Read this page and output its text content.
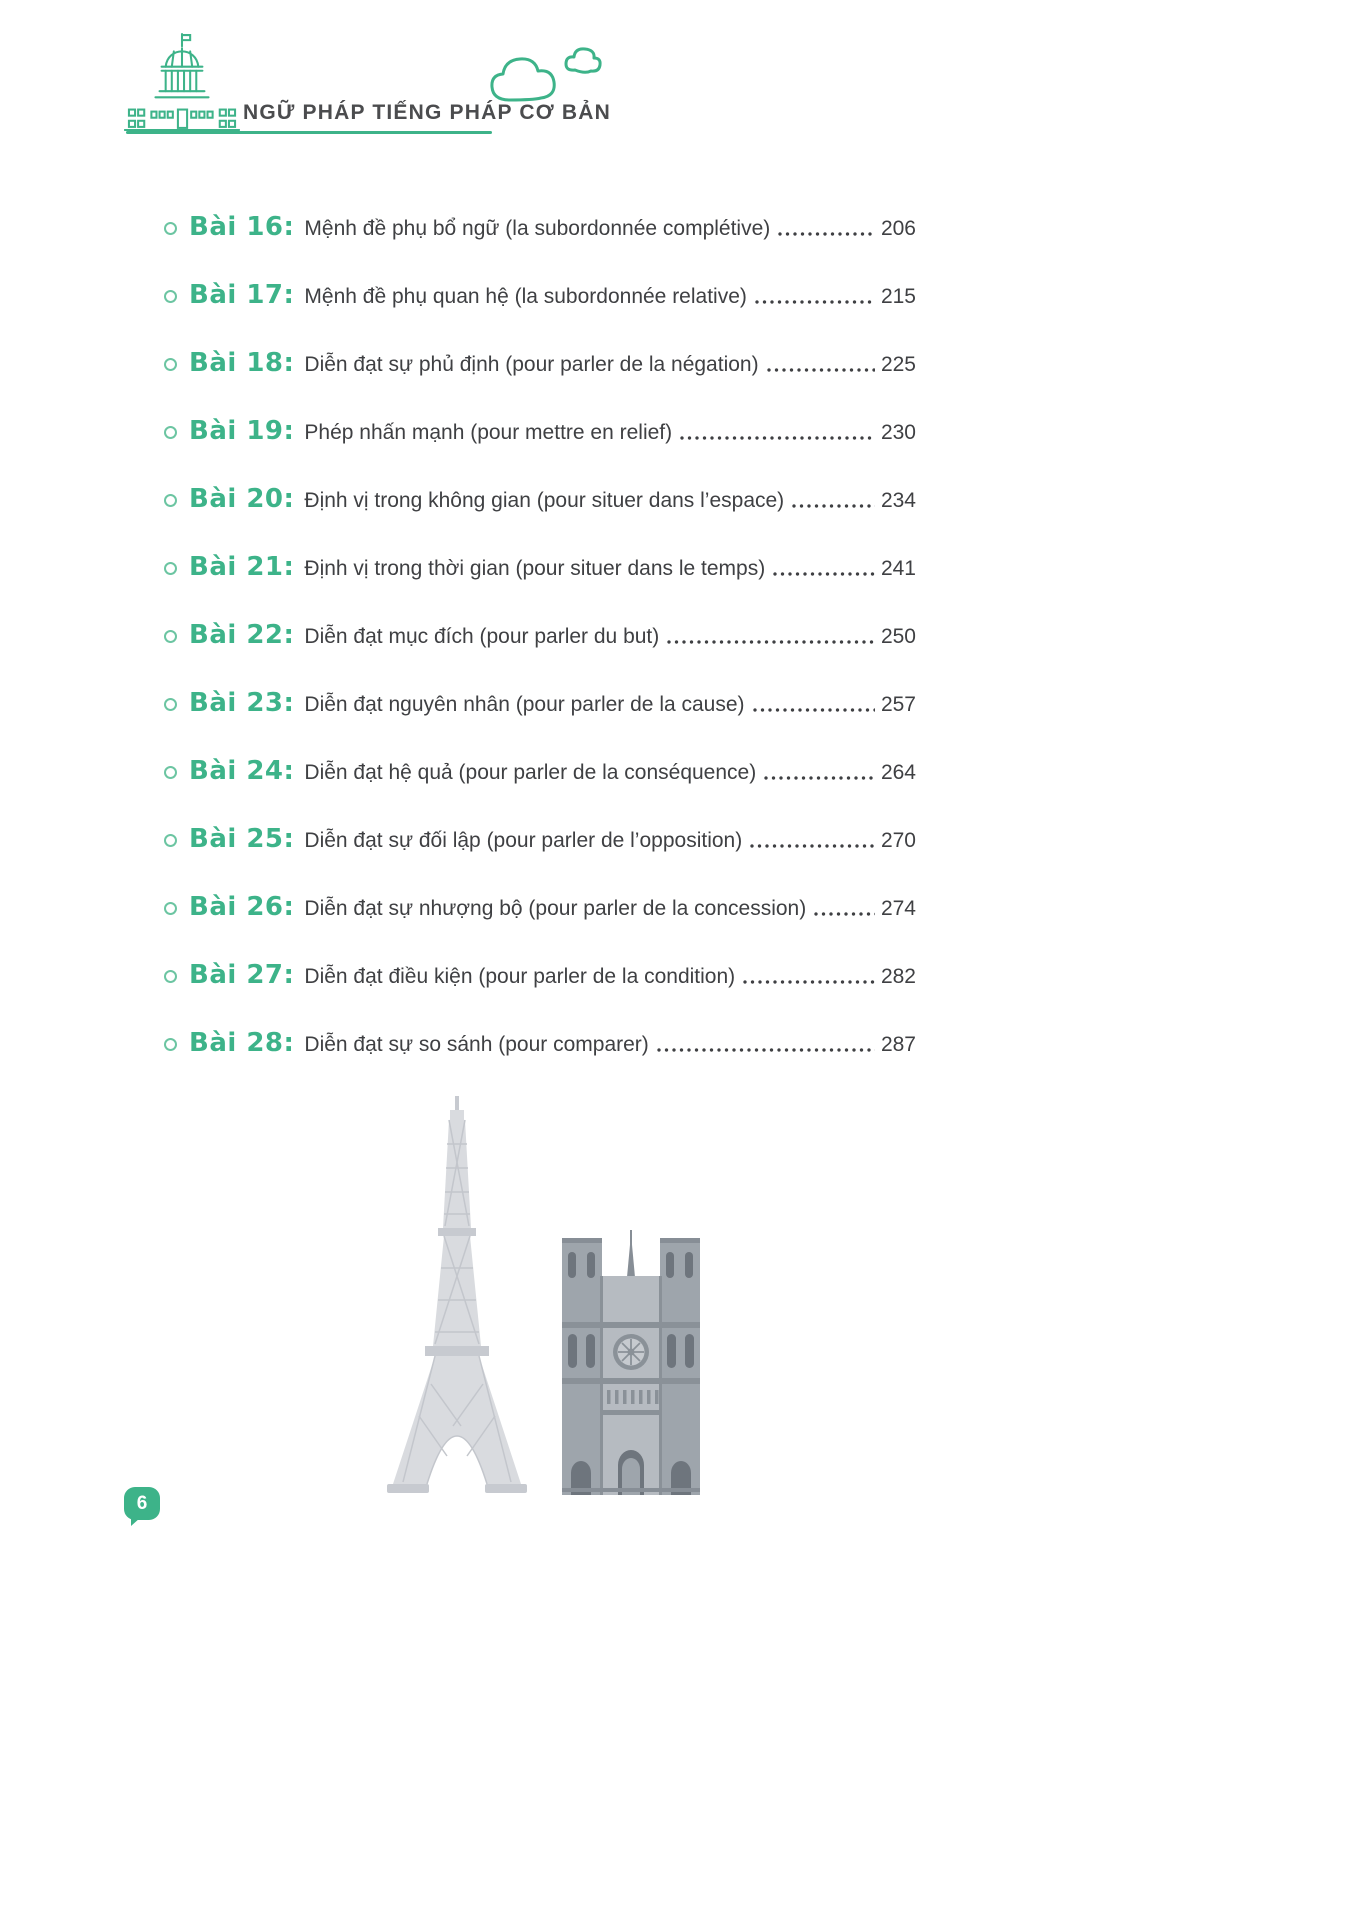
NGỮ PHÁP TIẾNG PHÁP CƠ BẢN
Bài 16: Mệnh đề phụ bổ ngữ (la subordonnée complétive)	206
Bài 17: Mệnh đề phụ quan hệ (la subordonnée relative)	215
Bài 18: Diễn đạt sự phủ định (pour parler de la négation)	225
Bài 19: Phép nhấn mạnh (pour mettre en relief)	230
Bài 20: Định vị trong không gian (pour situer dans l’espace)	234
Bài 21: Định vị trong thời gian (pour situer dans le temps)	241
Bài 22: Diễn đạt mục đích (pour parler du but)	250
Bài 23: Diễn đạt nguyên nhân (pour parler de la cause)	257
Bài 24: Diễn đạt hệ quả (pour parler de la conséquence)	264
Bài 25: Diễn đạt sự đối lập (pour parler de l’opposition)	270
Bài 26: Diễn đạt sự nhượng bộ (pour parler de la concession)	274
Bài 27: Diễn đạt điều kiện (pour parler de la condition)	282
Bài 28: Diễn đạt sự so sánh (pour comparer)	287
6
